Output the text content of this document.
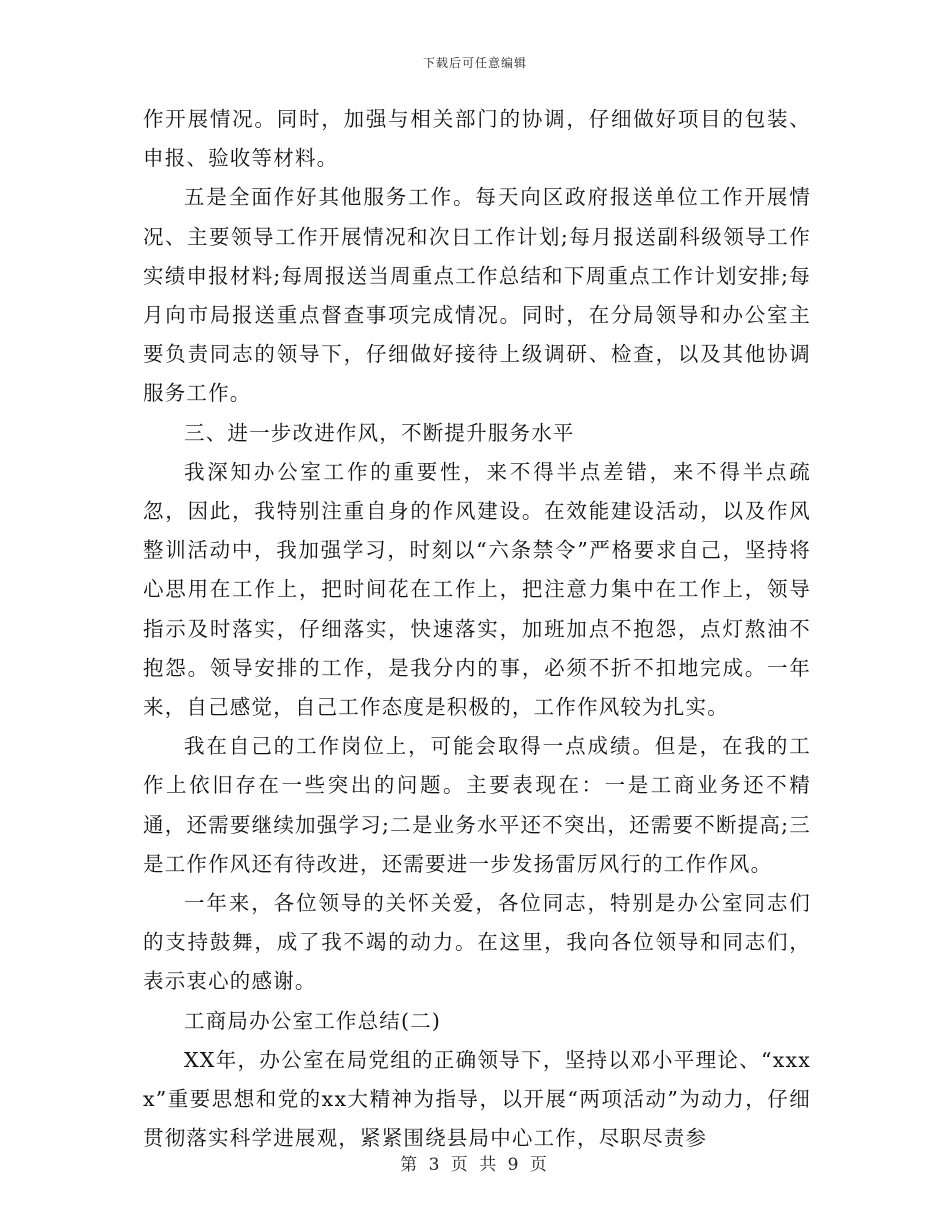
下载后可任意编辑

作开展情况。同时，加强与相关部门的协调，仔细做好项目的包装、申报、验收等材料。

五是全面作好其他服务工作。每天向区政府报送单位工作开展情况、主要领导工作开展情况和次日工作计划;每月报送副科级领导工作实绩申报材料;每周报送当周重点工作总结和下周重点工作计划安排;每月向市局报送重点督查事项完成情况。同时，在分局领导和办公室主要负责同志的领导下，仔细做好接待上级调研、检查，以及其他协调服务工作。

三、进一步改进作风，不断提升服务水平

我深知办公室工作的重要性，来不得半点差错，来不得半点疏忽，因此，我特别注重自身的作风建设。在效能建设活动，以及作风整训活动中，我加强学习，时刻以“六条禁令”严格要求自己，坚持将心思用在工作上，把时间花在工作上，把注意力集中在工作上，领导指示及时落实，仔细落实，快速落实，加班加点不抱怨，点灯熬油不抱怨。领导安排的工作，是我分内的事，必须不折不扣地完成。一年来，自己感觉，自己工作态度是积极的，工作作风较为扎实。

我在自己的工作岗位上，可能会取得一点成绩。但是，在我的工作上依旧存在一些突出的问题。主要表现在：一是工商业务还不精通，还需要继续加强学习;二是业务水平还不突出，还需要不断提高;三是工作作风还有待改进，还需要进一步发扬雷厉风行的工作作风。

一年来，各位领导的关怀关爱，各位同志，特别是办公室同志们的支持鼓舞，成了我不竭的动力。在这里，我向各位领导和同志们，表示衷心的感谢。

工商局办公室工作总结(二)

XX年，办公室在局党组的正确领导下，坚持以邓小平理论、“xxxx”重要思想和党的xx大精神为指导，以开展“两项活动”为动力，仔细贯彻落实科学进展观，紧紧围绕县局中心工作，尽职尽责参

第 3 页 共 9 页
